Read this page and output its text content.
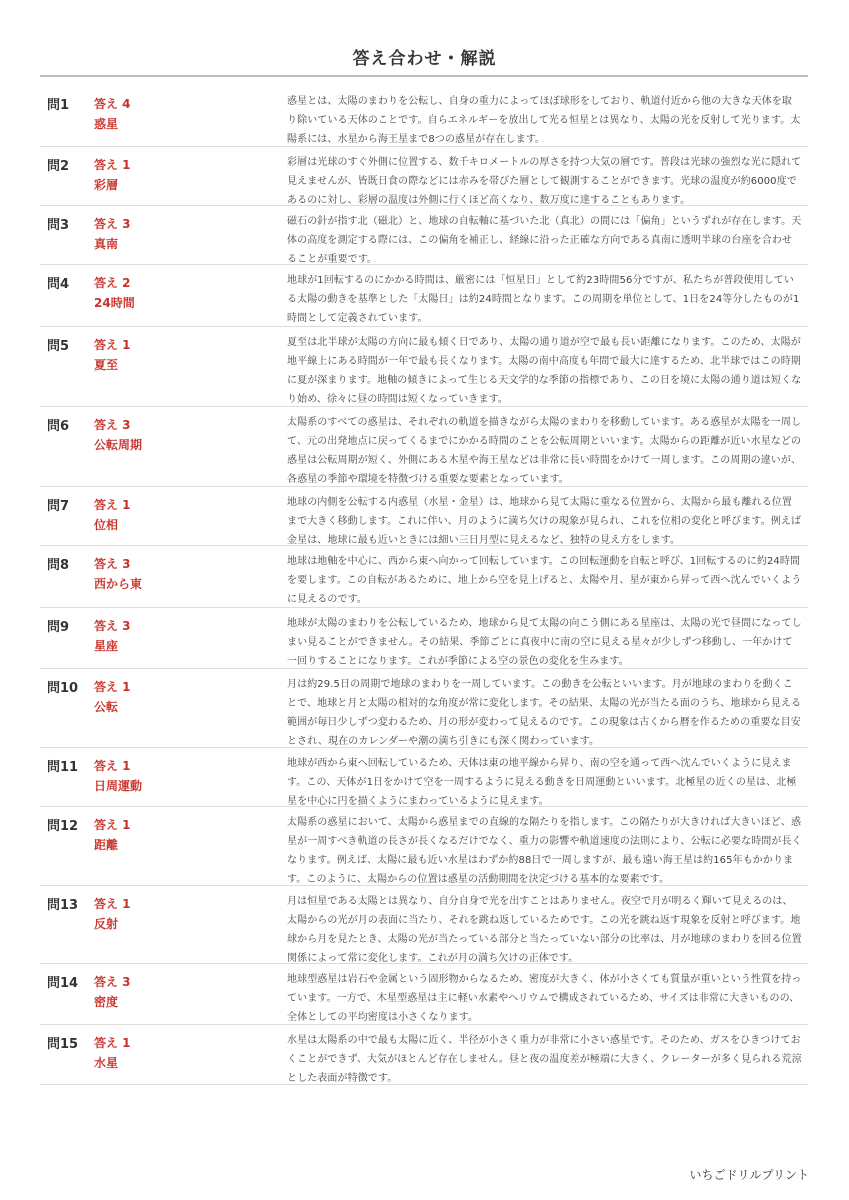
答え合わせ・解説
問1 答え 4
惑星
惑星とは、太陽のまわりを公転し、自身の重力によってほぼ球形をしており、軌道付近から他の大きな天体を取り除いている天体のことです。自らエネルギーを放出して光る恒星とは異なり、太陽の光を反射して光ります。太陽系には、水星から海王星まで8つの惑星が存在します。
問2 答え 1
彩層
彩層は光球のすぐ外側に位置する、数千キロメートルの厚さを持つ大気の層です。普段は光球の強烈な光に隠れて見えませんが、皆既日食の際などには赤みを帯びた層として観測することができます。光球の温度が約6000度であるのに対し、彩層の温度は外側に行くほど高くなり、数万度に達することもあります。
問3 答え 3
真南
磁石の針が指す北（磁北）と、地球の自転軸に基づいた北（真北）の間には「偏角」というずれが存在します。天体の高度を測定する際には、この偏角を補正し、経線に沿った正確な方向である真南に透明半球の台座を合わせることが重要です。
問4 答え 2
24時間
地球が1回転するのにかかる時間は、厳密には「恒星日」として約23時間56分ですが、私たちが普段使用している太陽の動きを基準とした「太陽日」は約24時間となります。この周期を単位として、1日を24等分したものが1時間として定義されています。
問5 答え 1
夏至
夏至は北半球が太陽の方向に最も傾く日であり、太陽の通り道が空で最も長い距離になります。このため、太陽が地平線上にある時間が一年で最も長くなります。太陽の南中高度も年間で最大に達するため、北半球ではこの時期に夏が深まります。地軸の傾きによって生じる天文学的な季節の指標であり、この日を境に太陽の通り道は短くなり始め、徐々に昼の時間は短くなっていきます。
問6 答え 3
公転周期
太陽系のすべての惑星は、それぞれの軌道を描きながら太陽のまわりを移動しています。ある惑星が太陽を一周して、元の出発地点に戻ってくるまでにかかる時間のことを公転周期といいます。太陽からの距離が近い水星などの惑星は公転周期が短く、外側にある木星や海王星などは非常に長い時間をかけて一周します。この周期の違いが、各惑星の季節や環境を特徴づける重要な要素となっています。
問7 答え 1
位相
地球の内側を公転する内惑星（水星・金星）は、地球から見て太陽に重なる位置から、太陽から最も離れる位置まで大きく移動します。これに伴い、月のように満ち欠けの現象が見られ、これを位相の変化と呼びます。例えば金星は、地球に最も近いときには細い三日月型に見えるなど、独特の見え方をします。
問8 答え 3
西から東
地球は地軸を中心に、西から東へ向かって回転しています。この回転運動を自転と呼び、1回転するのに約24時間を要します。この自転があるために、地上から空を見上げると、太陽や月、星が東から昇って西へ沈んでいくように見えるのです。
問9 答え 3
星座
地球が太陽のまわりを公転しているため、地球から見て太陽の向こう側にある星座は、太陽の光で昼間になってしまい見ることができません。その結果、季節ごとに真夜中に南の空に見える星々が少しずつ移動し、一年かけて一回りすることになります。これが季節による空の景色の変化を生みます。
問10 答え 1
公転
月は約29.5日の周期で地球のまわりを一周しています。この動きを公転といいます。月が地球のまわりを動くことで、地球と月と太陽の相対的な角度が常に変化します。その結果、太陽の光が当たる面のうち、地球から見える範囲が毎日少しずつ変わるため、月の形が変わって見えるのです。この現象は古くから暦を作るための重要な目安とされ、現在のカレンダーや潮の満ち引きにも深く関わっています。
問11 答え 1
日周運動
地球が西から東へ回転しているため、天体は東の地平線から昇り、南の空を通って西へ沈んでいくように見えます。この、天体が1日をかけて空を一周するように見える動きを日周運動といいます。北極星の近くの星は、北極星を中心に円を描くようにまわっているように見えます。
問12 答え 1
距離
太陽系の惑星において、太陽から惑星までの直線的な隔たりを指します。この隔たりが大きければ大きいほど、惑星が一周すべき軌道の長さが長くなるだけでなく、重力の影響や軌道速度の法則により、公転に必要な時間が長くなります。例えば、太陽に最も近い水星はわずか約88日で一周しますが、最も遠い海王星は約165年もかかります。このように、太陽からの位置は惑星の活動期間を決定づける基本的な要素です。
問13 答え 1
反射
月は恒星である太陽とは異なり、自分自身で光を出すことはありません。夜空で月が明るく輝いて見えるのは、太陽からの光が月の表面に当たり、それを跳ね返しているためです。この光を跳ね返す現象を反射と呼びます。地球から月を見たとき、太陽の光が当たっている部分と当たっていない部分の比率は、月が地球のまわりを回る位置関係によって常に変化します。これが月の満ち欠けの正体です。
問14 答え 3
密度
地球型惑星は岩石や金属という固形物からなるため、密度が大きく、体が小さくても質量が重いという性質を持っています。一方で、木星型惑星は主に軽い水素やヘリウムで構成されているため、サイズは非常に大きいものの、全体としての平均密度は小さくなります。
問15 答え 1
水星
水星は太陽系の中で最も太陽に近く、半径が小さく重力が非常に小さい惑星です。そのため、ガスをひきつけておくことができず、大気がほとんど存在しません。昼と夜の温度差が極端に大きく、クレーターが多く見られる荒涼とした表面が特徴です。
いちごドリルプリント
